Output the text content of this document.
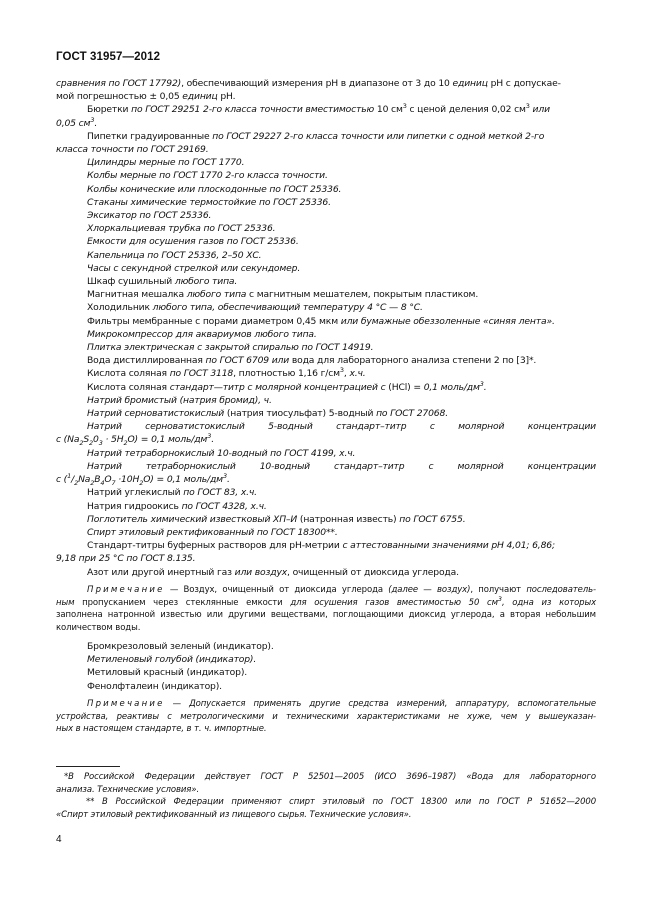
ГОСТ 31957—2012
сравнения по ГОСТ 17792), обеспечивающий измерения pH в диапазоне от 3 до 10 единиц pH с допускае-
мой погрешностью ± 0,05 единиц pH.
Бюретки по ГОСТ 29251 2-го класса точности вместимостью 10 $см^3$ с ценой деления 0,02 $см^3$ или
0,05 $см^3$.
Пипетки градуированные по ГОСТ 29227 2-го класса точности или пипетки с одной меткой 2-го
класса точности по ГОСТ 29169.
Цилиндры мерные по ГОСТ 1770.
Колбы мерные по ГОСТ 1770 2-го класса точности.
Колбы конические или плоскодонные по ГОСТ 25336.
Стаканы химические термостойкие по ГОСТ 25336.
Эксикатор по ГОСТ 25336.
Хлоркальциевая трубка по ГОСТ 25336.
Емкости для осушения газов по ГОСТ 25336.
Капельница по ГОСТ 25336, 2–50 ХС.
Часы с секундной стрелкой или секундомер.
Шкаф сушильный любого типа.
Магнитная мешалка любого типа с магнитным мешателем, покрытым пластиком.
Холодильник любого типа, обеспечивающий температуру 4 °С — 8 °С.
Фильтры мембранные с порами диаметром 0,45 мкм или бумажные обеззоленные «синяя лента».
Микрокомпрессор для аквариумов любого типа.
Плитка электрическая с закрытой спиралью по ГОСТ 14919.
Вода дистиллированная по ГОСТ 6709 или вода для лабораторного анализа степени 2 по [3]*.
Кислота соляная по ГОСТ 3118, плотностью 1,16 $г/см^3$, х.ч.
Кислота соляная стандарт—титр с молярной концентрацией с (HCl) = 0,1 моль/$дм^3$.
Натрий бромистый (натрия бромид), ч.
Натрий серноватистокислый (натрия тиосульфат) 5-водный по ГОСТ 27068.
Натрий серноватистокислый 5-водный стандарт–титр с молярной концентрации
c $(Na_2S_20_3 \cdot 5H_2O) = 0,1$ моль/$дм^3$.
Натрий тетраборнокислый 10-водный по ГОСТ 4199, х.ч.
Натрий тетраборнокислый 10-водный стандарт–титр с молярной концентрации
c $(^1/_2Na_2B_4O_7 \cdot 10H_2O) = 0,1$ моль/$дм^3$.
Натрий углекислый по ГОСТ 83, х.ч.
Натрия гидроокись по ГОСТ 4328, х.ч.
Поглотитель химический известковый ХП–И (натронная известь) по ГОСТ 6755.
Спирт этиловый ректификованный по ГОСТ 18300**.
Стандарт-титры буферных растворов для pH-метрии с аттестованными значениями pH 4,01; 6,86;
9,18 при 25 °С по ГОСТ 8.135.
Азот или другой инертный газ или воздух, очищенный от диоксида углерода.
Примечание — Воздух, очищенный от диоксида углерода (далее — воздух), получают последователь-
ным пропусканием через стеклянные емкости для осушения газов вместимостью 50 $см^3$, одна из которых
заполнена натронной известью или другими веществами, поглощающими диоксид углерода, а вторая небольшим
количеством воды.
Бромкрезоловый зеленый (индикатор).
Метиленовый голубой (индикатор).
Метиловый красный (индикатор).
Фенолфталеин (индикатор).
Примечание — Допускается применять другие средства измерений, аппаратуру, вспомогательные
устройства, реактивы с метрологическими и техническими характеристиками не хуже, чем у вышеуказан-
ных в настоящем стандарте, в т. ч. импортные.
*В Российской Федерации действует ГОСТ Р 52501—2005 (ИСО 3696–1987) «Вода для лабораторного
анализа. Технические условия».
** В Российской Федерации применяют спирт этиловый по ГОСТ 18300 или по ГОСТ Р 51652—2000
«Спирт этиловый ректификованный из пищевого сырья. Технические условия».
4
